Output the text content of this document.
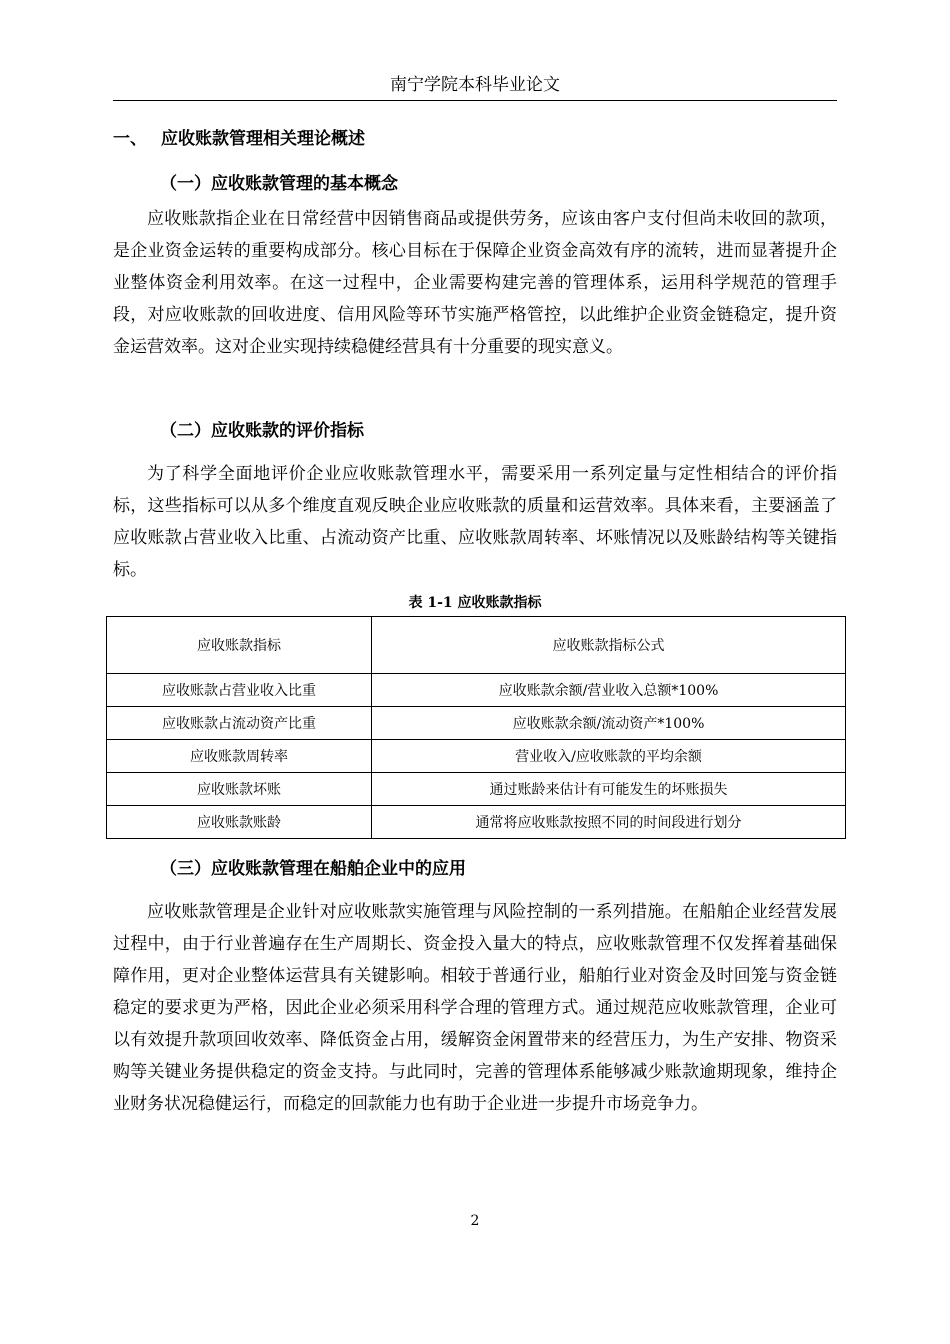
南宁学院本科毕业论文
一、 应收账款管理相关理论概述
（一）应收账款管理的基本概念

应收账款指企业在日常经营中因销售商品或提供劳务，应该由客户支付但尚未收回的款项，是企业资金运转的重要构成部分。核心目标在于保障企业资金高效有序的流转，进而显著提升企业整体资金利用效率。在这一过程中，企业需要构建完善的管理体系，运用科学规范的管理手段，对应收账款的回收进度、信用风险等环节实施严格管控，以此维护企业资金链稳定，提升资金运营效率。这对企业实现持续稳健经营具有十分重要的现实意义。

（二）应收账款的评价指标

为了科学全面地评价企业应收账款管理水平，需要采用一系列定量与定性相结合的评价指标，这些指标可以从多个维度直观反映企业应收账款的质量和运营效率。具体来看，主要涵盖了应收账款占营业收入比重、占流动资产比重、应收账款周转率、坏账情况以及账龄结构等关键指标。

表 1-1 应收账款指标
应收账款指标	应收账款指标公式
应收账款占营业收入比重	应收账款余额/营业收入总额*100%
应收账款占流动资产比重	应收账款余额/流动资产*100%
应收账款周转率	营业收入/应收账款的平均余额
应收账款坏账	通过账龄来估计有可能发生的坏账损失
应收账款账龄	通常将应收账款按照不同的时间段进行划分
（三）应收账款管理在船舶企业中的应用

应收账款管理是企业针对应收账款实施管理与风险控制的一系列措施。在船舶企业经营发展过程中，由于行业普遍存在生产周期长、资金投入量大的特点，应收账款管理不仅发挥着基础保障作用，更对企业整体运营具有关键影响。相较于普通行业，船舶行业对资金及时回笼与资金链稳定的要求更为严格，因此企业必须采用科学合理的管理方式。通过规范应收账款管理，企业可以有效提升款项回收效率、降低资金占用，缓解资金闲置带来的经营压力，为生产安排、物资采购等关键业务提供稳定的资金支持。与此同时，完善的管理体系能够减少账款逾期现象，维持企业财务状况稳健运行，而稳定的回款能力也有助于企业进一步提升市场竞争力。

2
